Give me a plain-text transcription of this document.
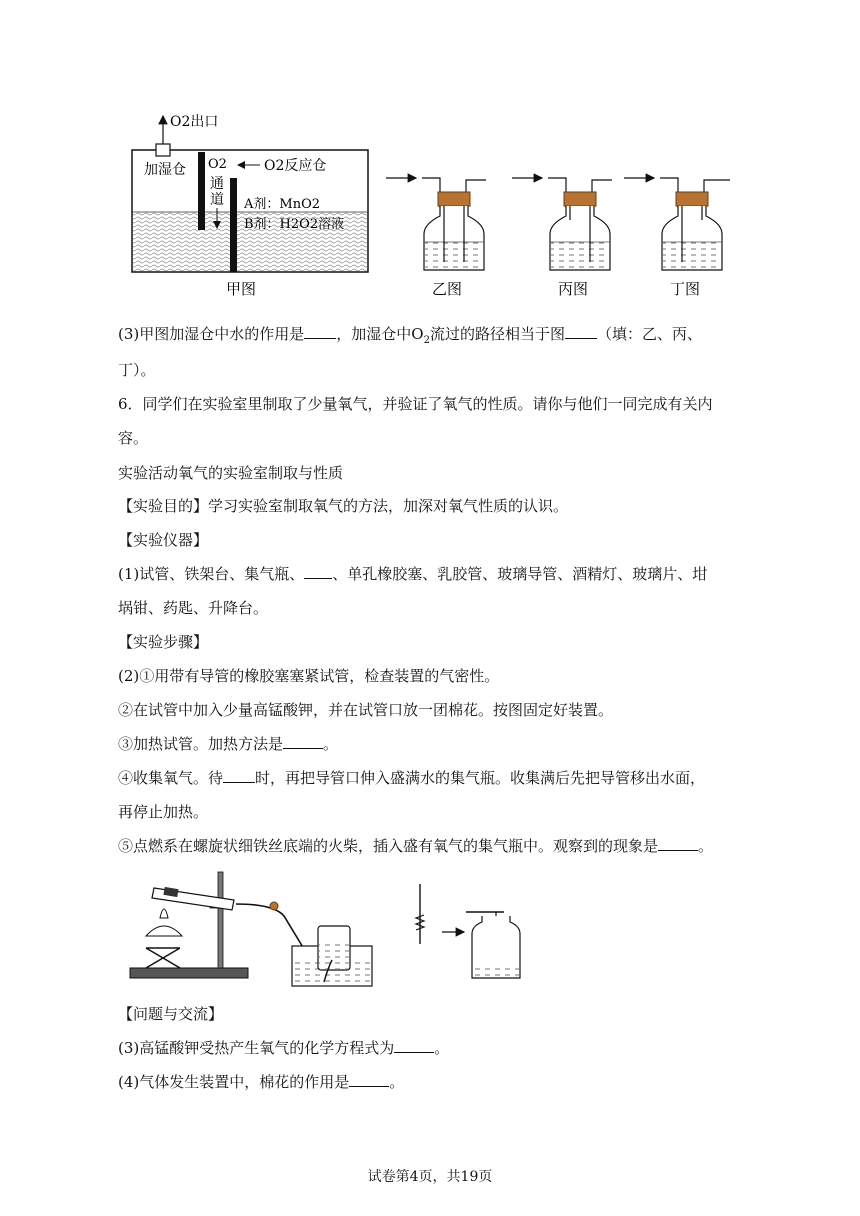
O2出口
加湿仓 O2
通
道
O2反应仓
A剂：MnO2
B剂：H2O2溶液
甲图	乙图	丙图	丁图
(3)甲图加湿仓中水的作用是 ，加湿仓中$O_2$流过的路径相当于图 （填：乙、丙、
丁）。
6．同学们在实验室里制取了少量氧气，并验证了氧气的性质。请你与他们一同完成有关内
容。
实验活动氧气的实验室制取与性质
【实验目的】学习实验室制取氧气的方法，加深对氧气性质的认识。
【实验仪器】
(1)试管、铁架台、集气瓶、 、单孔橡胶塞、乳胶管、玻璃导管、酒精灯、玻璃片、坩
埚钳、药匙、升降台。
【实验步骤】
(2)①用带有导管的橡胶塞塞紧试管，检查装置的气密性。
②在试管中加入少量高锰酸钾，并在试管口放一团棉花。按图固定好装置。
③加热试管。加热方法是	。
④收集氧气。待 时，再把导管口伸入盛满水的集气瓶。收集满后先把导管移出水面，
再停止加热。
⑤点燃系在螺旋状细铁丝底端的火柴，插入盛有氧气的集气瓶中。观察到的现象是	。
【问题与交流】
(3)高锰酸钾受热产生氧气的化学方程式为	。
(4)气体发生装置中，棉花的作用是	。
试卷第4页，共19页
